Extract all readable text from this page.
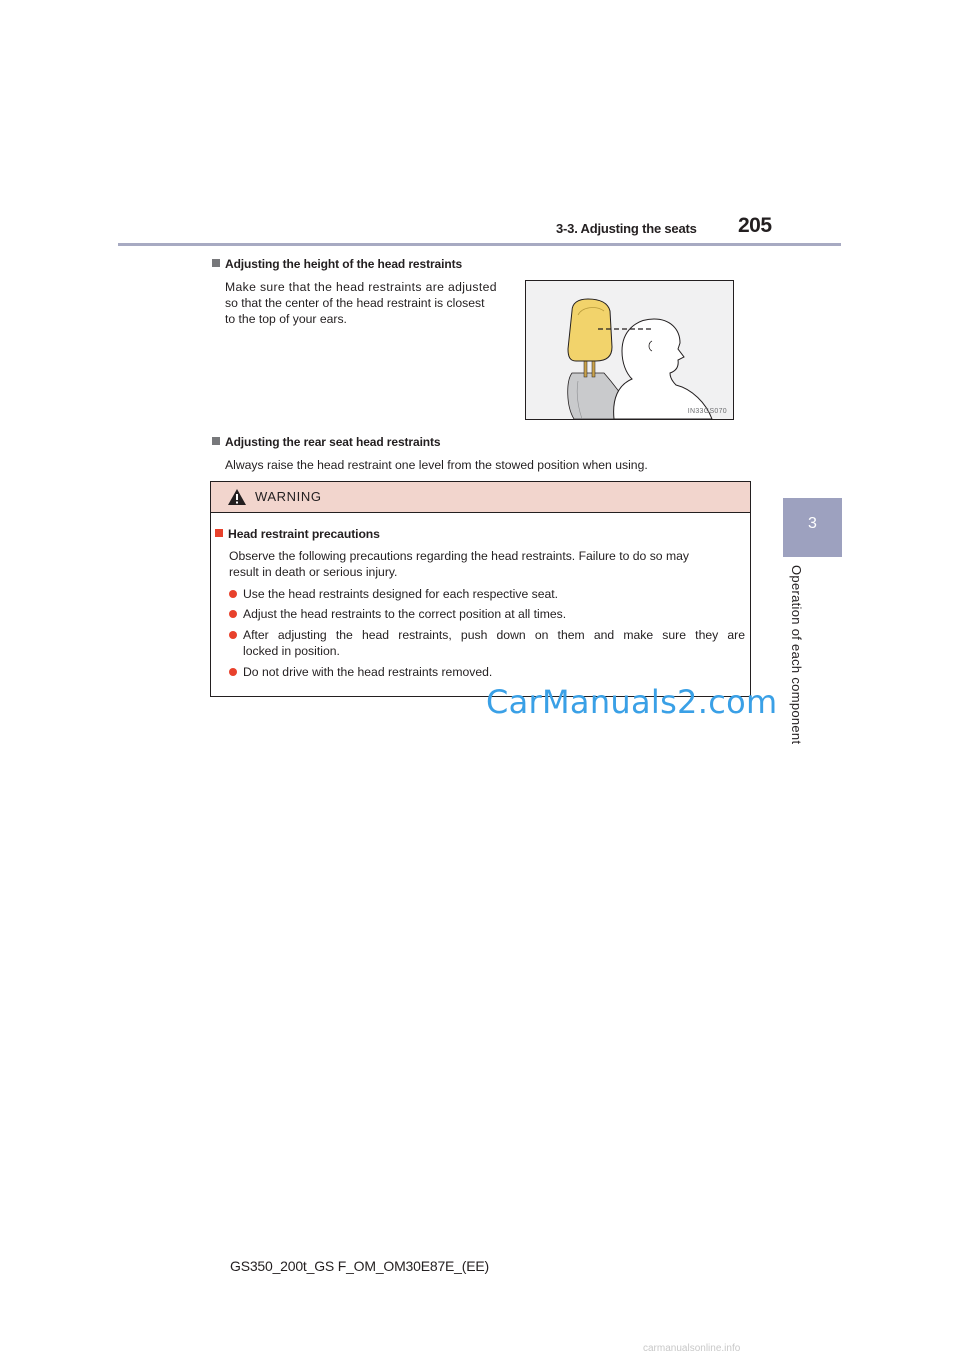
3-3. Adjusting the seats 205
3
Operation of each component
Adjusting the height of the head restraints
Make sure that the head restraints are adjusted
so that the center of the head restraint is closest
to the top of your ears.
IN33GS070
Adjusting the rear seat head restraints
Always raise the head restraint one level from the stowed position when using.
WARNING
Head restraint precautions
Observe the following precautions regarding the head restraints. Failure to do so may
result in death or serious injury.
Use the head restraints designed for each respective seat.
Adjust the head restraints to the correct position at all times.
After adjusting the head restraints, push down on them and make sure they are
locked in position.
Do not drive with the head restraints removed.
CarManuals2.com
GS350_200t_GS F_OM_OM30E87E_(EE)
carmanualsonline.info
